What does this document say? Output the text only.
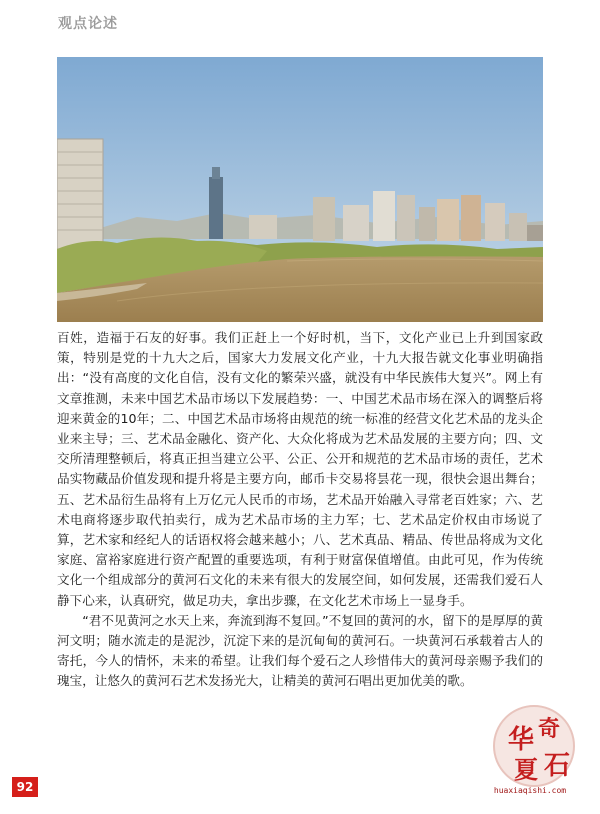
观点论述

百姓，造福于石友的好事。我们正赶上一个好时机，当下，文化产业已上升到国家政策，特别是党的十九大之后，国家大力发展文化产业，十九大报告就文化事业明确指出：“没有高度的文化自信，没有文化的繁荣兴盛，就没有中华民族伟大复兴”。网上有文章推测，未来中国艺术品市场以下发展趋势：一、中国艺术品市场在深入的调整后将迎来黄金的10年；二、中国艺术品市场将由规范的统一标准的经营文化艺术品的龙头企业来主导；三、艺术品金融化、资产化、大众化将成为艺术品发展的主要方向；四、文交所清理整顿后，将真正担当建立公平、公正、公开和规范的艺术品市场的责任，艺术品实物藏品价值发现和提升将是主要方向，邮币卡交易将昙花一现，很快会退出舞台；五、艺术品衍生品将有上万亿元人民币的市场，艺术品开始融入寻常老百姓家；六、艺术电商将逐步取代拍卖行，成为艺术品市场的主力军；七、艺术品定价权由市场说了算，艺术家和经纪人的话语权将会越来越小；八、艺术真品、精品、传世品将成为文化家庭、富裕家庭进行资产配置的重要选项，有利于财富保值增值。由此可见，作为传统文化一个组成部分的黄河石文化的未来有很大的发展空间，如何发展，还需我们爱石人静下心来，认真研究，做足功夫，拿出步骤，在文化艺术市场上一显身手。

“君不见黄河之水天上来，奔流到海不复回。”不复回的黄河的水，留下的是厚厚的黄河文明；随水流走的是泥沙，沉淀下来的是沉甸甸的黄河石。一块黄河石承载着古人的寄托，今人的情怀，未来的希望。让我们每个爱石之人珍惜伟大的黄河母亲赐予我们的瑰宝，让悠久的黄河石艺术发扬光大，让精美的黄河石唱出更加优美的歌。

92
华 奇
夏 石
huaxiaqishi.com
